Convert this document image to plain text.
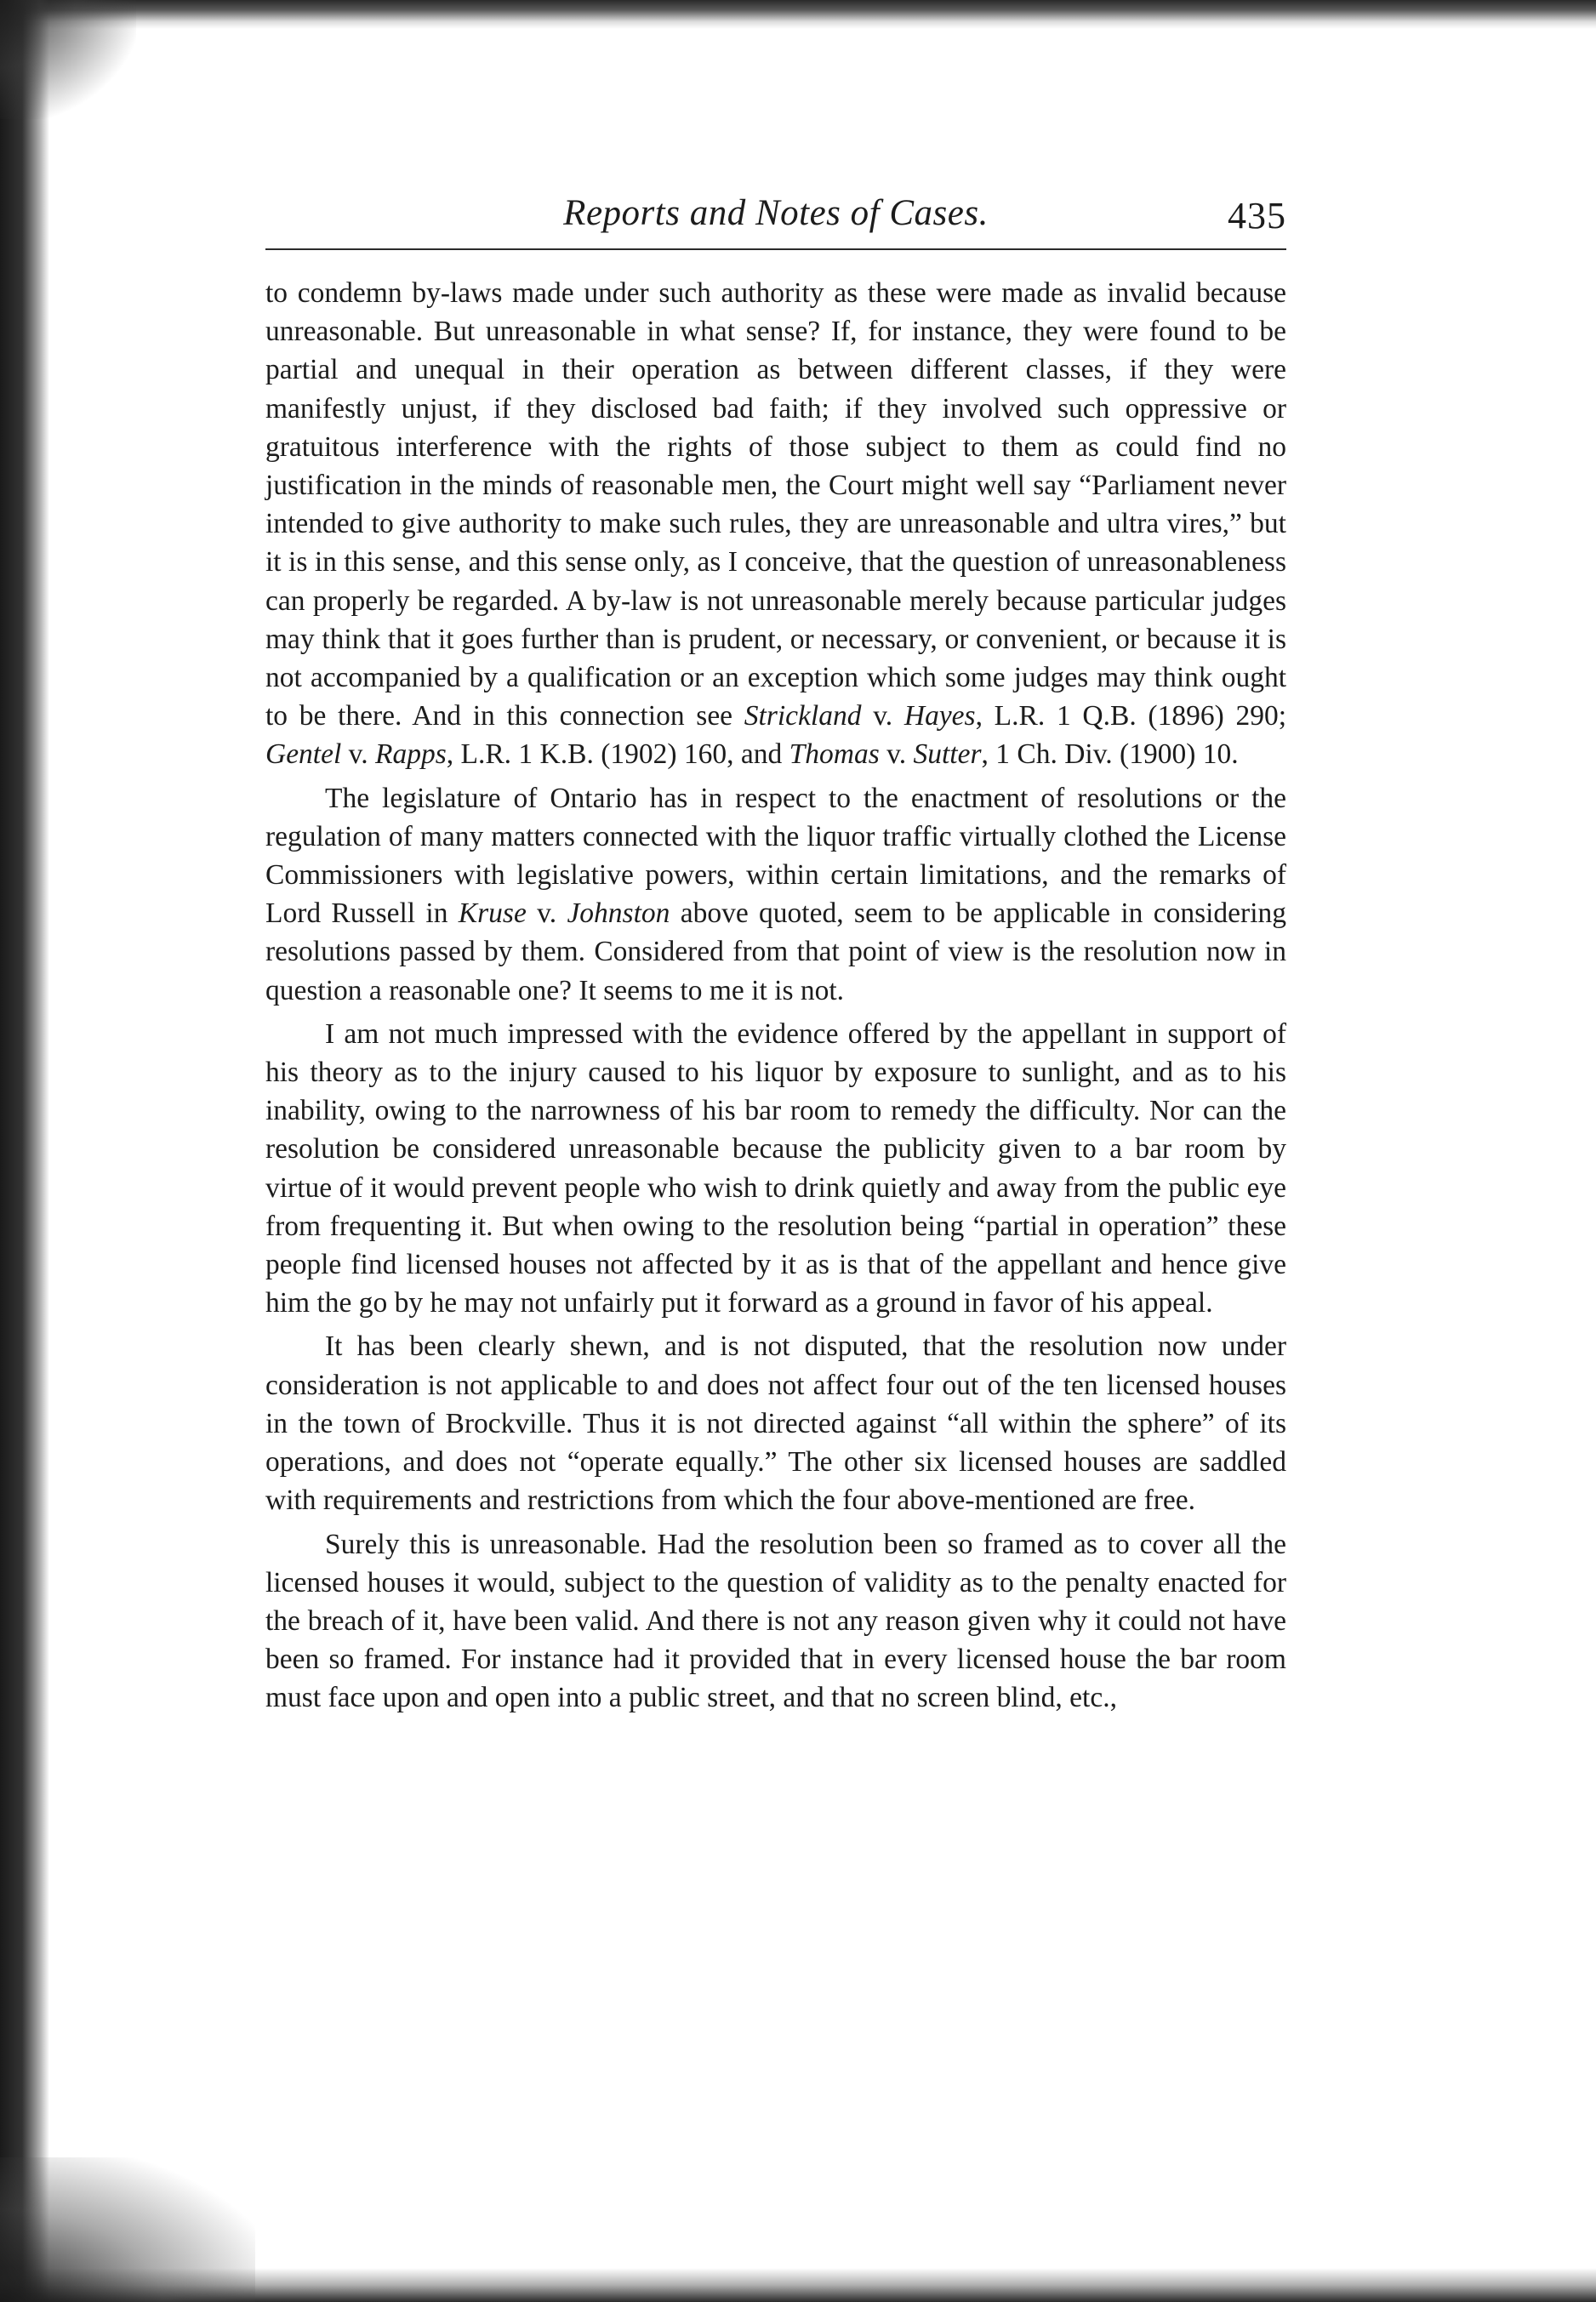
Reports and Notes of Cases.	435

to condemn by-laws made under such authority as these were made as invalid because unreasonable. But unreasonable in what sense? If, for instance, they were found to be partial and unequal in their operation as between different classes, if they were manifestly unjust, if they disclosed bad faith; if they involved such oppressive or gratuitous interference with the rights of those subject to them as could find no justification in the minds of reasonable men, the Court might well say “Parliament never intended to give authority to make such rules, they are unreasonable and ultra vires,” but it is in this sense, and this sense only, as I conceive, that the question of unreasonableness can properly be regarded. A by-law is not unreasonable merely because particular judges may think that it goes further than is prudent, or necessary, or convenient, or because it is not accompanied by a qualification or an exception which some judges may think ought to be there. And in this connection see Strickland v. Hayes, L.R. 1 Q.B. (1896) 290; Gentel v. Rapps, L.R. 1 K.B. (1902) 160, and Thomas v. Sutter, 1 Ch. Div. (1900) 10.

The legislature of Ontario has in respect to the enactment of resolutions or the regulation of many matters connected with the liquor traffic virtually clothed the License Commissioners with legislative powers, within certain limitations, and the remarks of Lord Russell in Kruse v. Johnston above quoted, seem to be applicable in considering resolutions passed by them. Considered from that point of view is the resolution now in question a reasonable one? It seems to me it is not.

I am not much impressed with the evidence offered by the appellant in support of his theory as to the injury caused to his liquor by exposure to sunlight, and as to his inability, owing to the narrowness of his bar room to remedy the difficulty. Nor can the resolution be considered unreasonable because the publicity given to a bar room by virtue of it would prevent people who wish to drink quietly and away from the public eye from frequenting it. But when owing to the resolution being “partial in operation” these people find licensed houses not affected by it as is that of the appellant and hence give him the go by he may not unfairly put it forward as a ground in favor of his appeal.

It has been clearly shewn, and is not disputed, that the resolution now under consideration is not applicable to and does not affect four out of the ten licensed houses in the town of Brockville. Thus it is not directed against “all within the sphere” of its operations, and does not “operate equally.” The other six licensed houses are saddled with requirements and restrictions from which the four above-mentioned are free.

Surely this is unreasonable. Had the resolution been so framed as to cover all the licensed houses it would, subject to the question of validity as to the penalty enacted for the breach of it, have been valid. And there is not any reason given why it could not have been so framed. For instance had it provided that in every licensed house the bar room must face upon and open into a public street, and that no screen blind, etc.,
